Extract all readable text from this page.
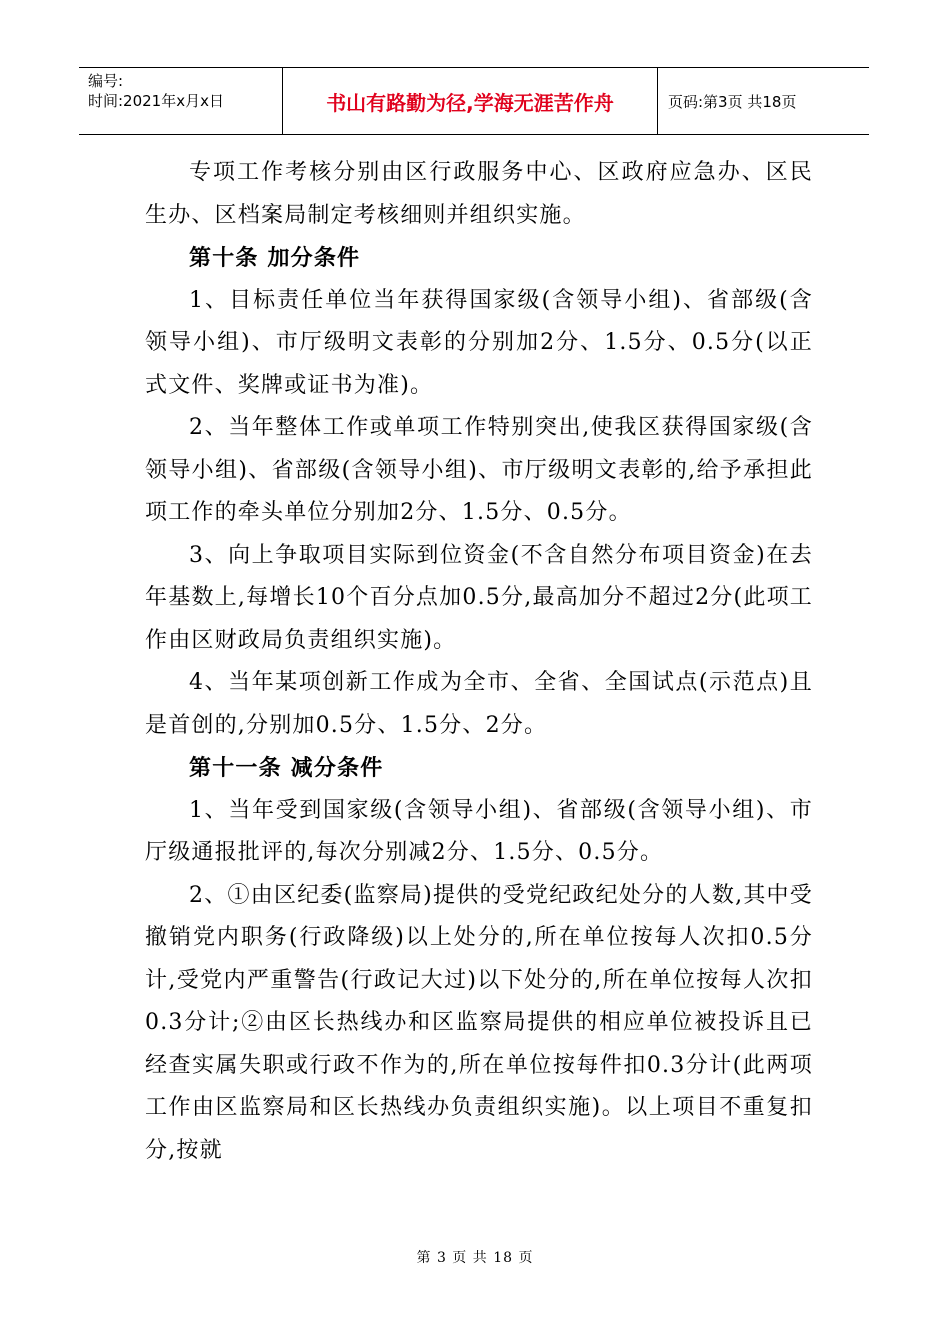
编号:
时间:2021年x月x日	书山有路勤为径,学海无涯苦作舟	页码:第3页 共18页

专项工作考核分别由区行政服务中心、区政府应急办、区民生办、区档案局制定考核细则并组织实施。

第十条 加分条件

1、目标责任单位当年获得国家级(含领导小组)、省部级(含领导小组)、市厅级明文表彰的分别加2分、1.5分、0.5分(以正式文件、奖牌或证书为准)。

2、当年整体工作或单项工作特别突出,使我区获得国家级(含领导小组)、省部级(含领导小组)、市厅级明文表彰的,给予承担此项工作的牵头单位分别加2分、1.5分、0.5分。

3、向上争取项目实际到位资金(不含自然分布项目资金)在去年基数上,每增长10个百分点加0.5分,最高加分不超过2分(此项工作由区财政局负责组织实施)。

4、当年某项创新工作成为全市、全省、全国试点(示范点)且是首创的,分别加0.5分、1.5分、2分。

第十一条 减分条件

1、当年受到国家级(含领导小组)、省部级(含领导小组)、市厅级通报批评的,每次分别减2分、1.5分、0.5分。

2、①由区纪委(监察局)提供的受党纪政纪处分的人数,其中受撤销党内职务(行政降级)以上处分的,所在单位按每人次扣0.5分计,受党内严重警告(行政记大过)以下处分的,所在单位按每人次扣0.3分计;②由区长热线办和区监察局提供的相应单位被投诉且已经查实属失职或行政不作为的,所在单位按每件扣0.3分计(此两项工作由区监察局和区长热线办负责组织实施)。以上项目不重复扣分,按就

第 3 页 共 18 页
